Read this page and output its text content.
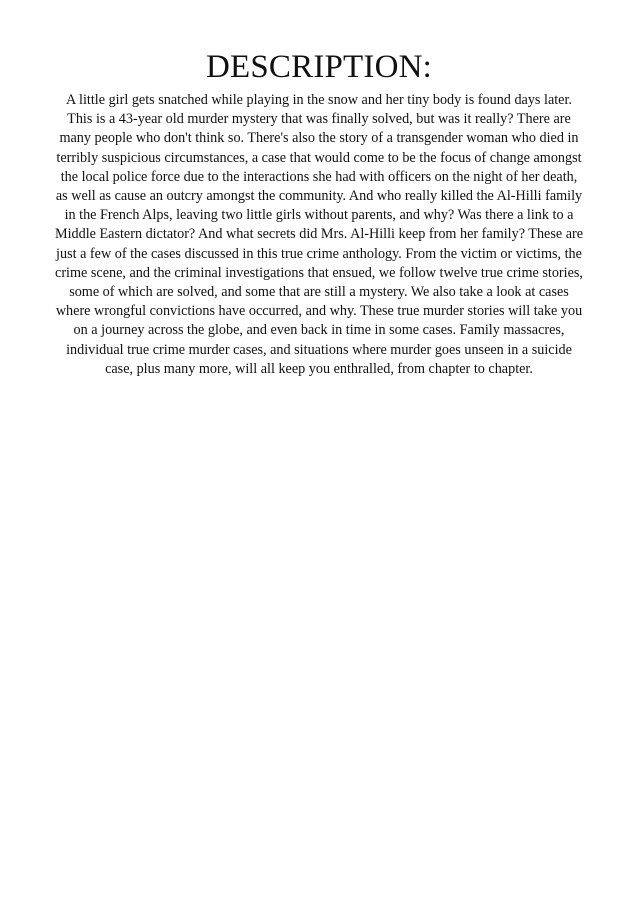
DESCRIPTION:

A little girl gets snatched while playing in the snow and her tiny body is found days later.
This is a 43-year old murder mystery that was finally solved, but was it really? There are
many people who don't think so. There's also the story of a transgender woman who died in
terribly suspicious circumstances, a case that would come to be the focus of change amongst
the local police force due to the interactions she had with officers on the night of her death,
as well as cause an outcry amongst the community. And who really killed the Al-Hilli family
in the French Alps, leaving two little girls without parents, and why? Was there a link to a
Middle Eastern dictator? And what secrets did Mrs. Al-Hilli keep from her family? These are
just a few of the cases discussed in this true crime anthology. From the victim or victims, the
crime scene, and the criminal investigations that ensued, we follow twelve true crime stories,
some of which are solved, and some that are still a mystery. We also take a look at cases
where wrongful convictions have occurred, and why. These true murder stories will take you
on a journey across the globe, and even back in time in some cases. Family massacres,
individual true crime murder cases, and situations where murder goes unseen in a suicide
case, plus many more, will all keep you enthralled, from chapter to chapter.
